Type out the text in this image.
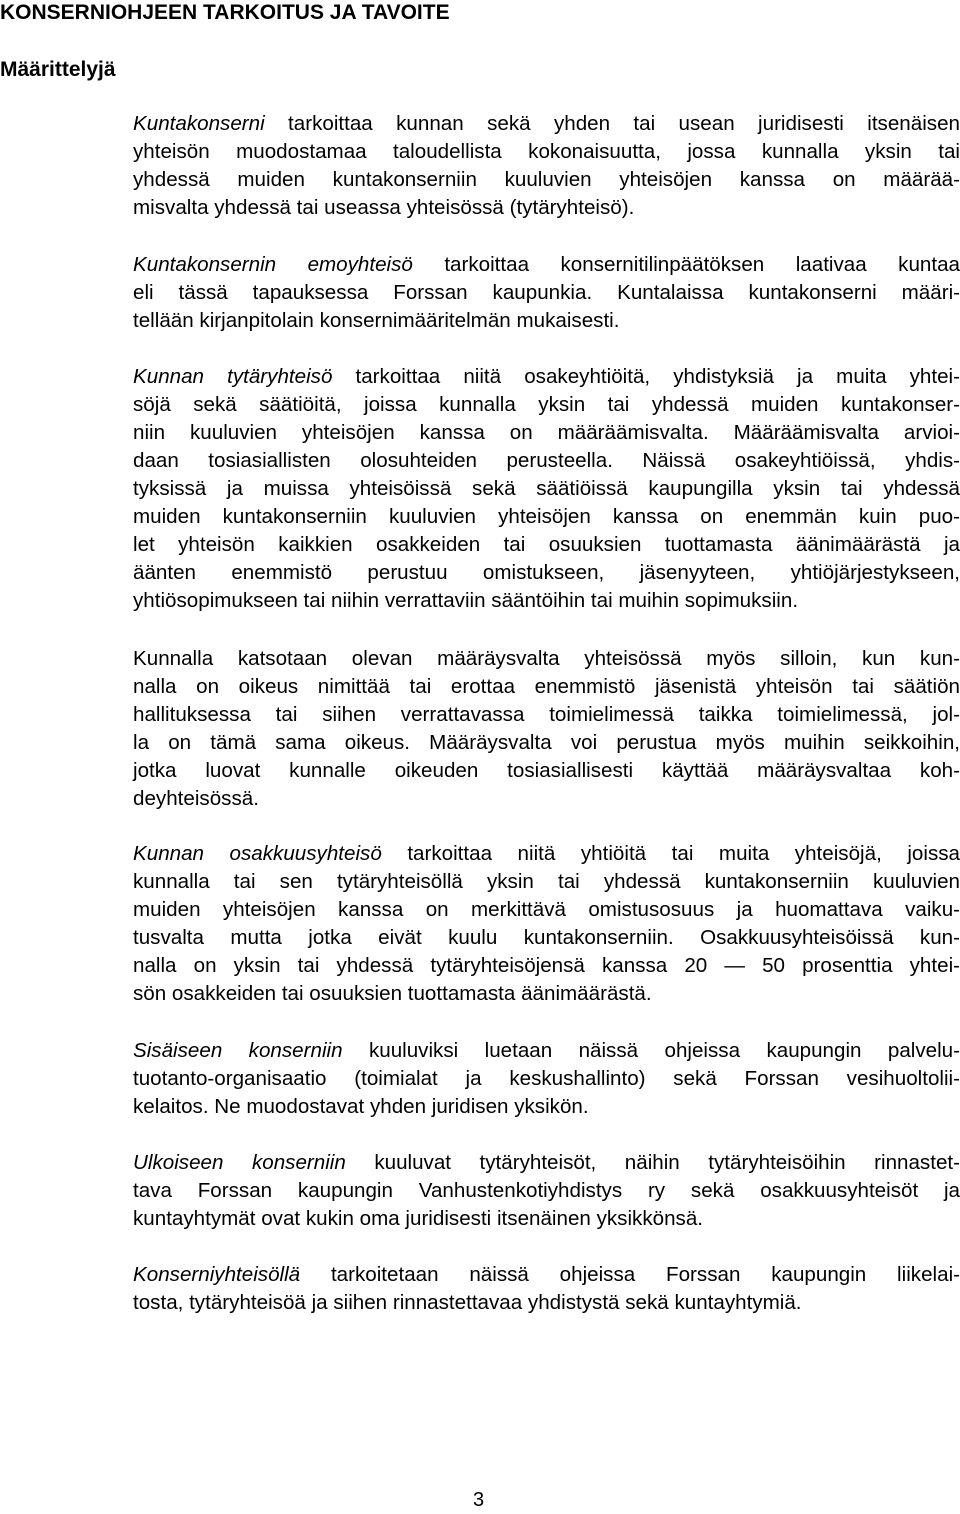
KONSERNIOHJEEN TARKOITUS JA TAVOITE
Määrittelyjä

Kuntakonserni tarkoittaa kunnan sekä yhden tai usean juridisesti itsenäisen
yhteisön muodostamaa taloudellista kokonaisuutta, jossa kunnalla yksin tai
yhdessä muiden kuntakonserniin kuuluvien yhteisöjen kanssa on määrää-
misvalta yhdessä tai useassa yhteisössä (tytäryhteisö).

Kuntakonsernin emoyhteisö tarkoittaa konsernitilinpäätöksen laativaa kuntaa
eli tässä tapauksessa Forssan kaupunkia. Kuntalaissa kuntakonserni määri-
tellään kirjanpitolain konsernimääritelmän mukaisesti.

Kunnan tytäryhteisö tarkoittaa niitä osakeyhtiöitä, yhdistyksiä ja muita yhtei-
söjä sekä säätiöitä, joissa kunnalla yksin tai yhdessä muiden kuntakonser-
niin kuuluvien yhteisöjen kanssa on määräämisvalta. Määräämisvalta arvioi-
daan tosiasiallisten olosuhteiden perusteella. Näissä osakeyhtiöissä, yhdis-
tyksissä ja muissa yhteisöissä sekä säätiöissä kaupungilla yksin tai yhdessä
muiden kuntakonserniin kuuluvien yhteisöjen kanssa on enemmän kuin puo-
let yhteisön kaikkien osakkeiden tai osuuksien tuottamasta äänimäärästä ja
äänten enemmistö perustuu omistukseen, jäsenyyteen, yhtiöjärjestykseen,
yhtiösopimukseen tai niihin verrattaviin sääntöihin tai muihin sopimuksiin.

Kunnalla katsotaan olevan määräysvalta yhteisössä myös silloin, kun kun-
nalla on oikeus nimittää tai erottaa enemmistö jäsenistä yhteisön tai säätiön
hallituksessa tai siihen verrattavassa toimielimessä taikka toimielimessä, jol-
la on tämä sama oikeus. Määräysvalta voi perustua myös muihin seikkoihin,
jotka luovat kunnalle oikeuden tosiasiallisesti käyttää määräysvaltaa koh-
deyhteisössä.

Kunnan osakkuusyhteisö tarkoittaa niitä yhtiöitä tai muita yhteisöjä, joissa
kunnalla tai sen tytäryhteisöllä yksin tai yhdessä kuntakonserniin kuuluvien
muiden yhteisöjen kanssa on merkittävä omistusosuus ja huomattava vaiku-
tusvalta mutta jotka eivät kuulu kuntakonserniin. Osakkuusyhteisöissä kun-
nalla on yksin tai yhdessä tytäryhteisöjensä kanssa 20 — 50 prosenttia yhtei-
sön osakkeiden tai osuuksien tuottamasta äänimäärästä.

Sisäiseen konserniin kuuluviksi luetaan näissä ohjeissa kaupungin palvelu-
tuotanto-organisaatio (toimialat ja keskushallinto) sekä Forssan vesihuoltolii-
kelaitos. Ne muodostavat yhden juridisen yksikön.

Ulkoiseen konserniin kuuluvat tytäryhteisöt, näihin tytäryhteisöihin rinnastet-
tava Forssan kaupungin Vanhustenkotiyhdistys ry sekä osakkuusyhteisöt ja
kuntayhtymät ovat kukin oma juridisesti itsenäinen yksikkönsä.

Konserniyhteisöllä tarkoitetaan näissä ohjeissa Forssan kaupungin liikelai-
tosta, tytäryhteisöä ja siihen rinnastettavaa yhdistystä sekä kuntayhtymiä.

3
